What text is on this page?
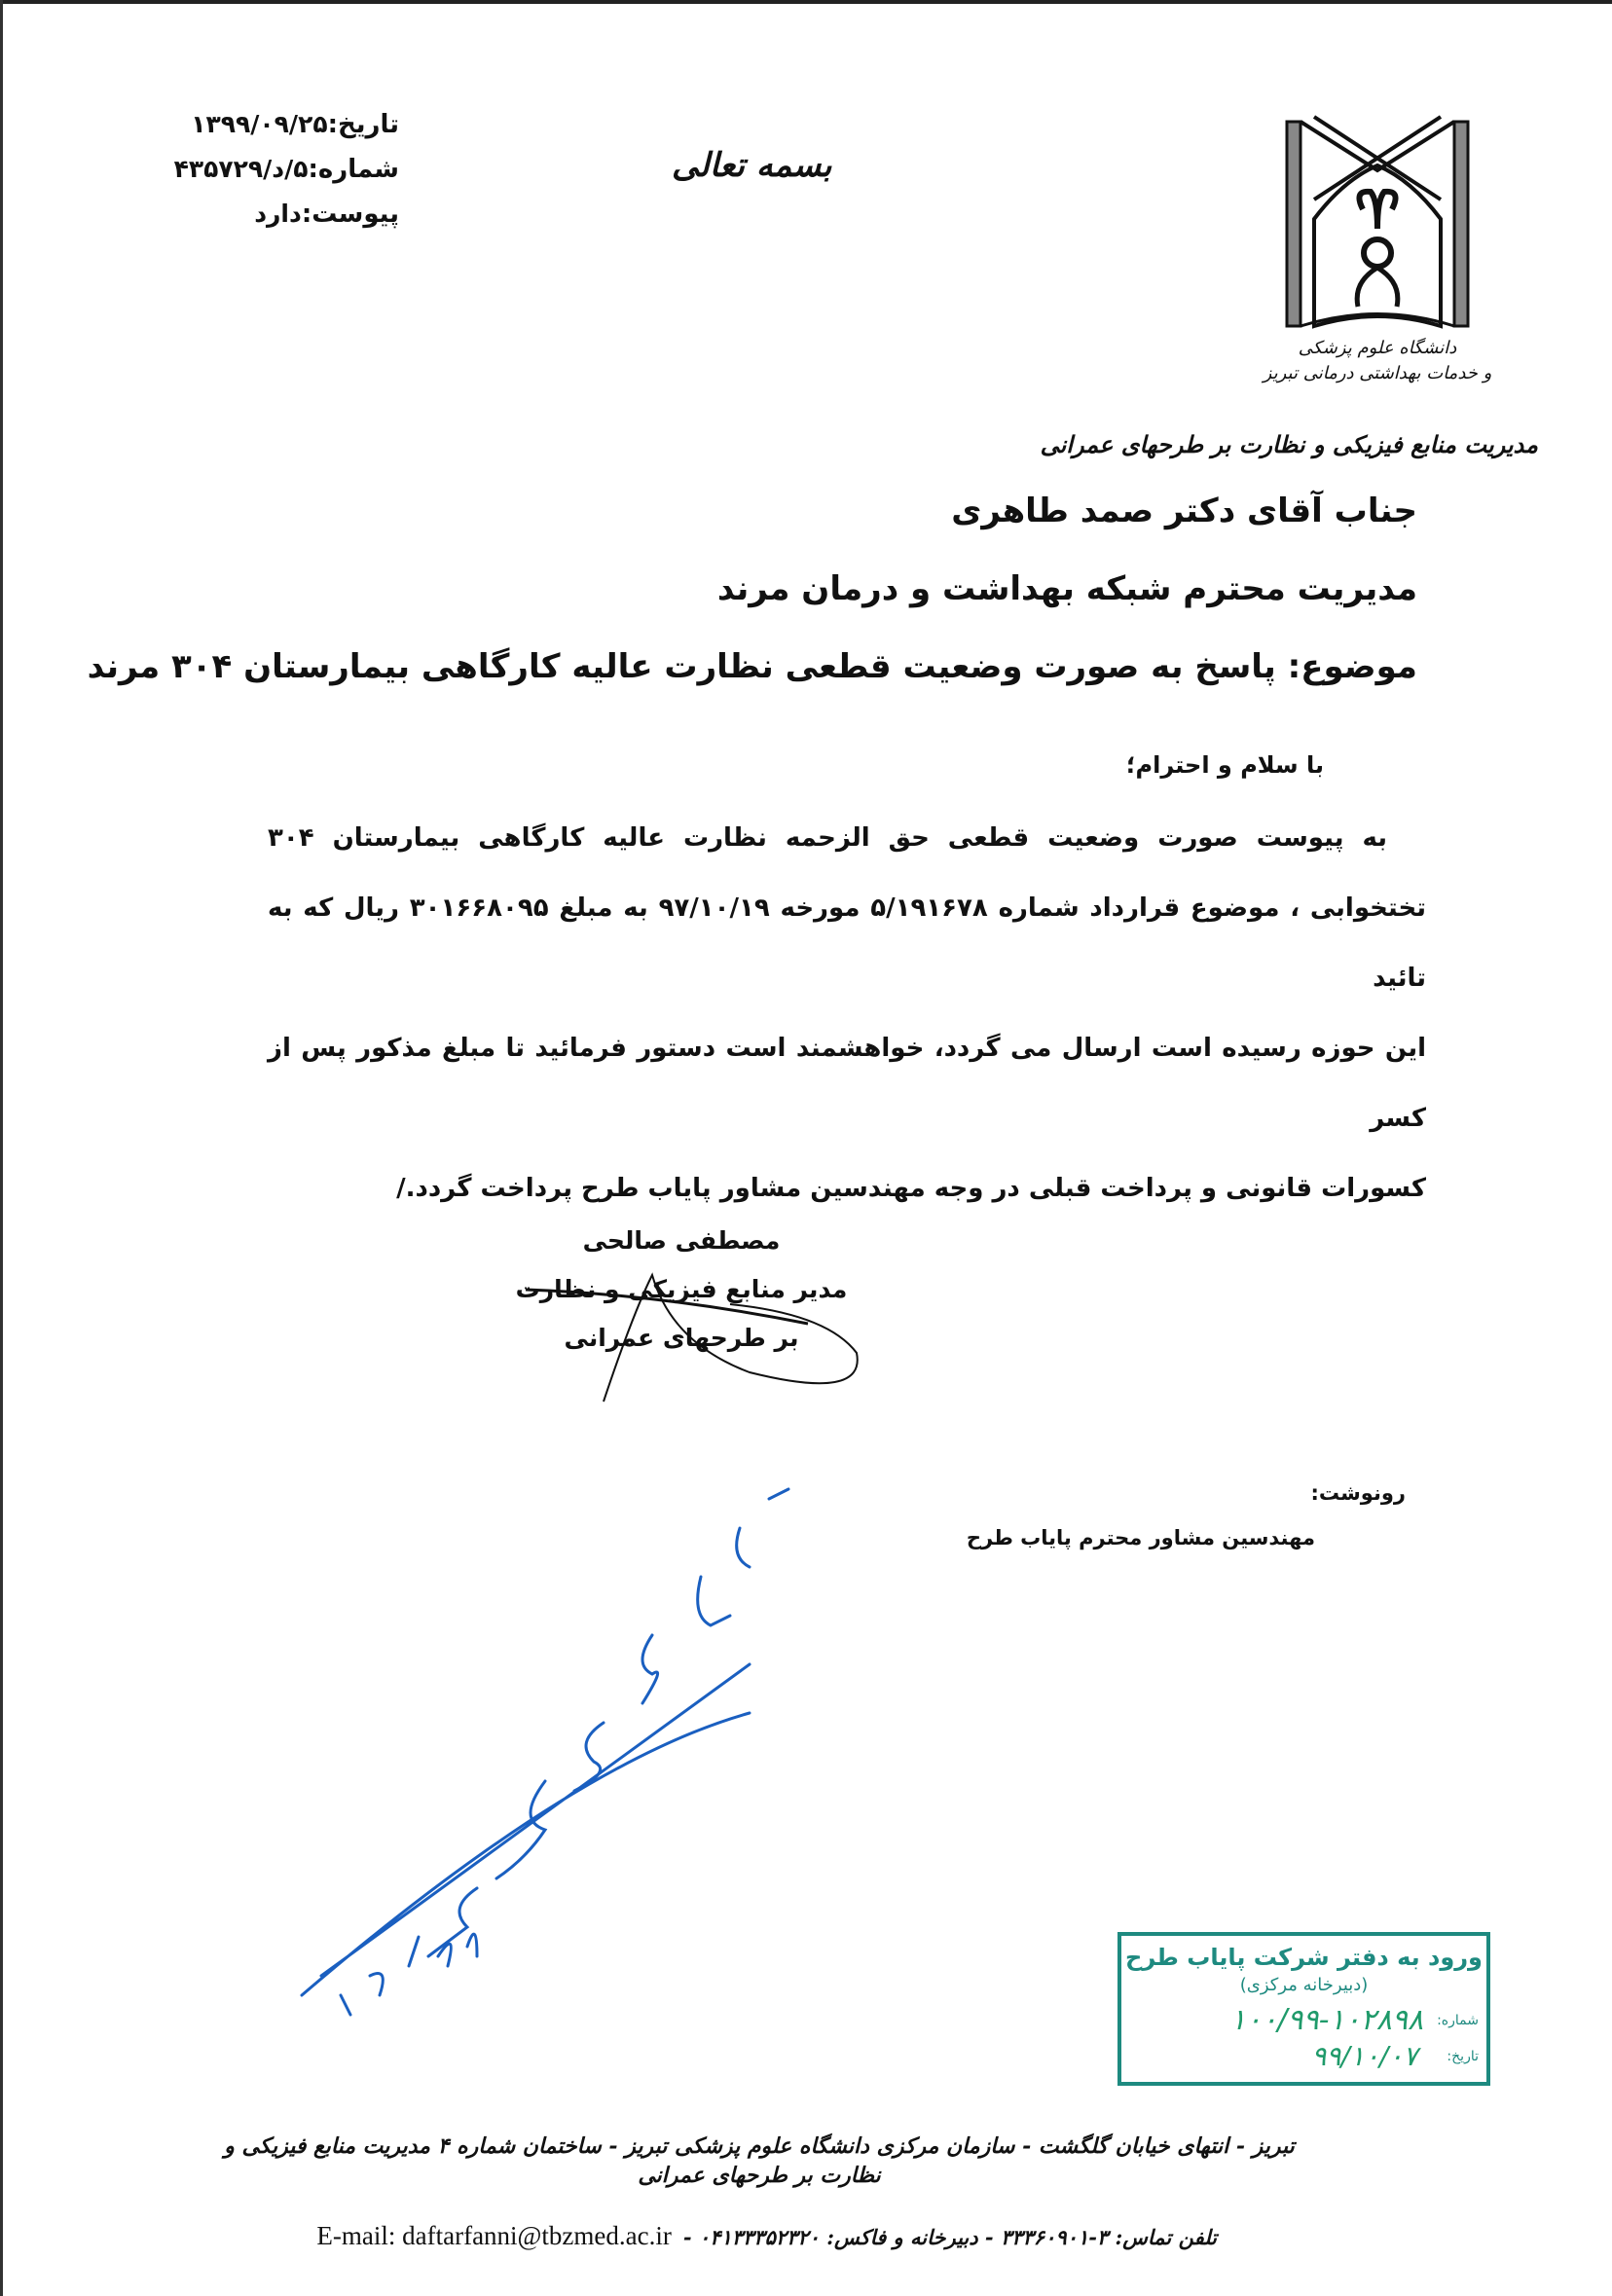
تاریخ:۱۳۹۹/۰۹/۲۵
شماره:۵/د/۴۳۵۷۲۹
پیوست:دارد
بسمه تعالی
دانشگاه علوم پزشکی
و خدمات بهداشتی درمانی تبریز
مدیریت منابع فیزیکی و نظارت بر طرحهای عمرانی
جناب آقای دکتر صمد طاهری
مدیریت محترم شبکه بهداشت و درمان مرند
موضوع: پاسخ به صورت وضعیت قطعی نظارت عالیه کارگاهی بیمارستان ۳۰۴ مرند
با سلام و احترام؛
به پیوست صورت وضعیت قطعی حق الزحمه نظارت عالیه کارگاهی بیمارستان ۳۰۴
تختخوابی ، موضوع قرارداد شماره ۵/۱۹۱۶۷۸ مورخه ۹۷/۱۰/۱۹ به مبلغ ۳۰۱۶۶۸۰۹۵ ریال که به تائید
این حوزه رسیده است ارسال می گردد، خواهشمند است دستور فرمائید تا مبلغ مذکور پس از کسر
کسورات قانونی و پرداخت قبلی در وجه مهندسین مشاور پایاب طرح پرداخت گردد./
مصطفی صالحی
مدیر منابع فیزیکی و نظارت
بر طرحهای عمرانی
رونوشت:
مهندسین مشاور محترم پایاب طرح
ورود به دفتر شرکت پایاب طرح
(دبیرخانه مرکزی)
شماره:
۱۰۰/۹۹-۱۰۲۸۹۸
تاریخ:
۹۹/۱۰/۰۷
تبریز - انتهای خیابان گلگشت - سازمان مرکزی دانشگاه علوم پزشکی تبریز - ساختمان شماره ۴ مدیریت منابع فیزیکی و نظارت بر طرحهای عمرانی
تلفن تماس: ۳-۳۳۳۶۰۹۰۱ - دبیرخانه و فاکس: ۰۴۱۳۳۳۵۲۳۲۰ -
E-mail: daftarfanni@tbzmed.ac.ir
